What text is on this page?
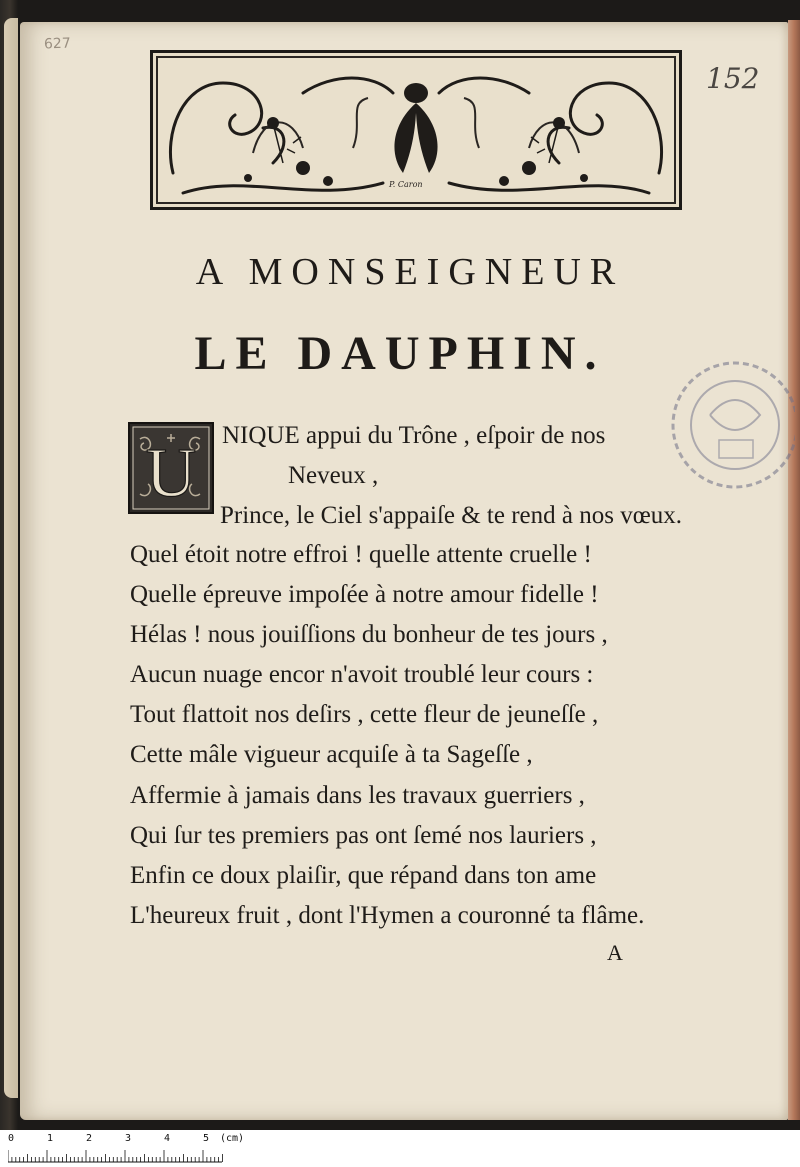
627
152
P. Caron
A MONSEIGNEUR
LE DAUPHIN.
U NIQUE appui du Trône , eſpoir de nos
Neveux ,
Prince, le Ciel s'appaiſe & te rend à nos vœux.
Quel étoit notre effroi ! quelle attente cruelle !
Quelle épreuve impoſée à notre amour fidelle !
Hélas ! nous jouiſſions du bonheur de tes jours ,
Aucun nuage encor n'avoit troublé leur cours :
Tout flattoit nos deſirs , cette fleur de jeuneſſe ,
Cette mâle vigueur acquiſe à ta Sageſſe ,
Affermie à jamais dans les travaux guerriers ,
Qui ſur tes premiers pas ont ſemé nos lauriers ,
Enfin ce doux plaiſir, que répand dans ton ame
L'heureux fruit , dont l'Hymen a couronné ta flâme.
A
0	1	2	3	4	5 (cm)
